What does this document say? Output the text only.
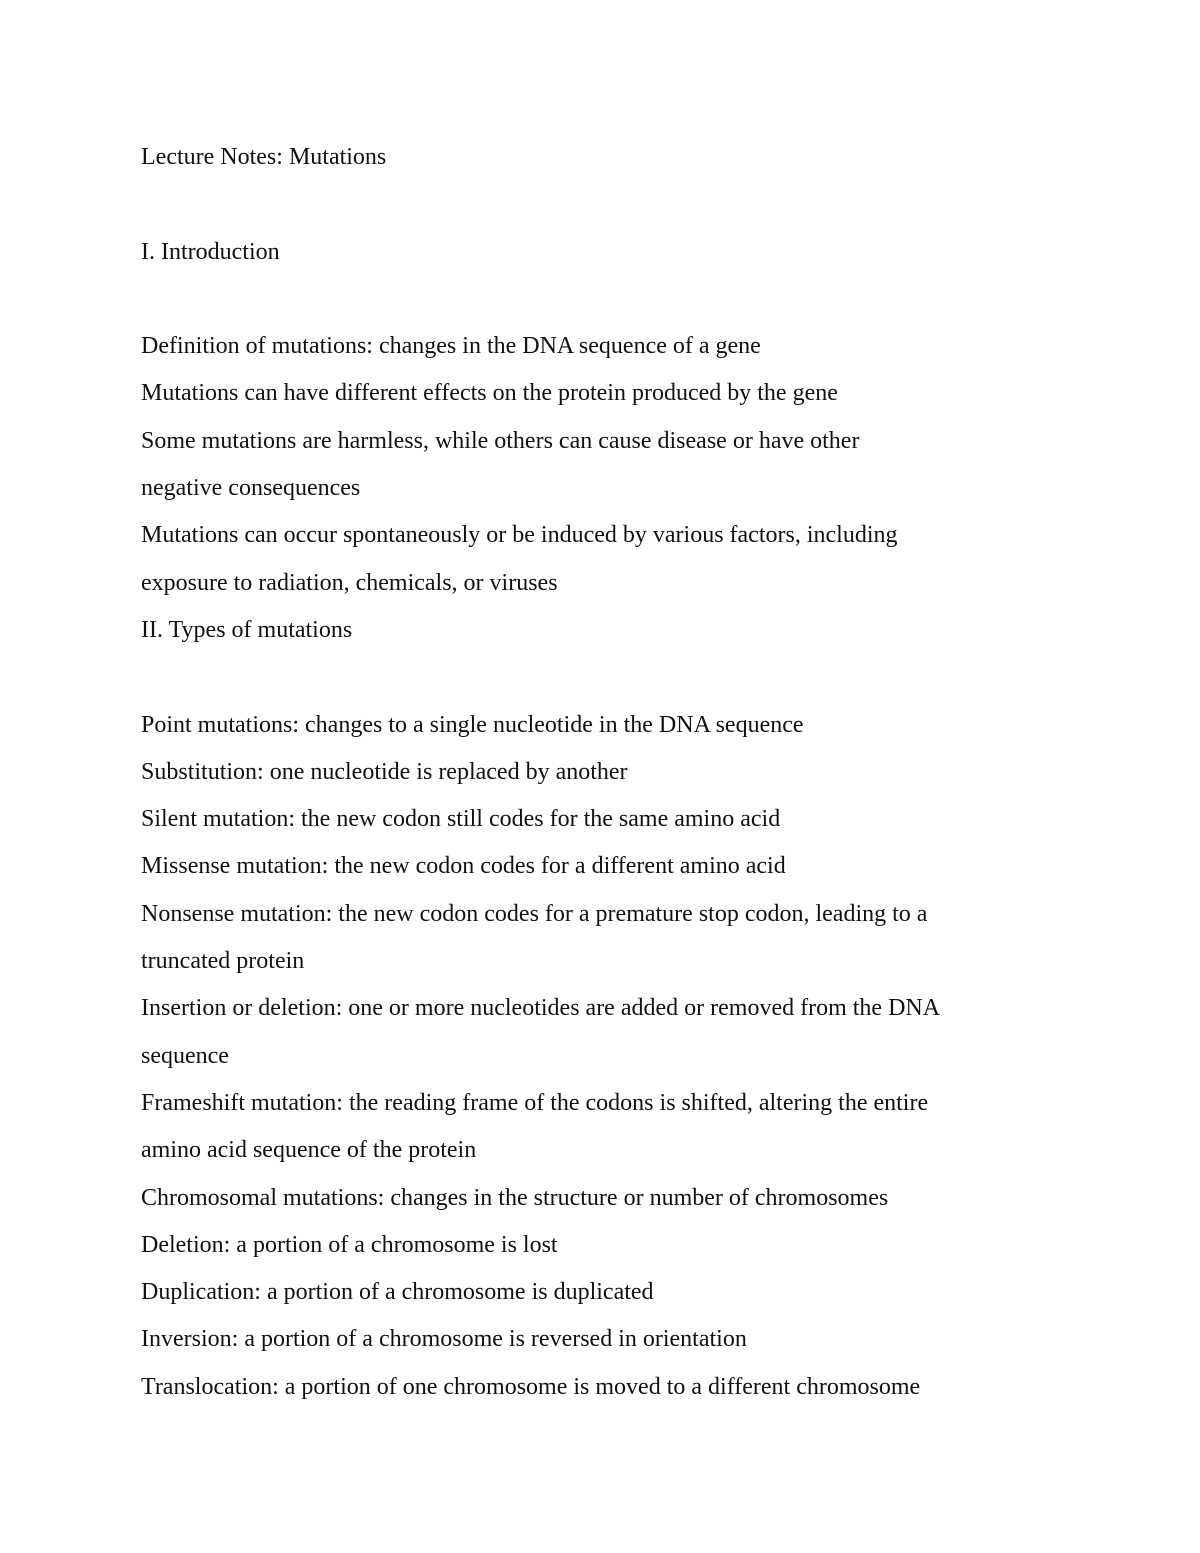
Lecture Notes: Mutations
I. Introduction
Definition of mutations: changes in the DNA sequence of a gene
Mutations can have different effects on the protein produced by the gene
Some mutations are harmless, while others can cause disease or have other
negative consequences
Mutations can occur spontaneously or be induced by various factors, including
exposure to radiation, chemicals, or viruses
II. Types of mutations
Point mutations: changes to a single nucleotide in the DNA sequence
Substitution: one nucleotide is replaced by another
Silent mutation: the new codon still codes for the same amino acid
Missense mutation: the new codon codes for a different amino acid
Nonsense mutation: the new codon codes for a premature stop codon, leading to a
truncated protein
Insertion or deletion: one or more nucleotides are added or removed from the DNA
sequence
Frameshift mutation: the reading frame of the codons is shifted, altering the entire
amino acid sequence of the protein
Chromosomal mutations: changes in the structure or number of chromosomes
Deletion: a portion of a chromosome is lost
Duplication: a portion of a chromosome is duplicated
Inversion: a portion of a chromosome is reversed in orientation
Translocation: a portion of one chromosome is moved to a different chromosome
